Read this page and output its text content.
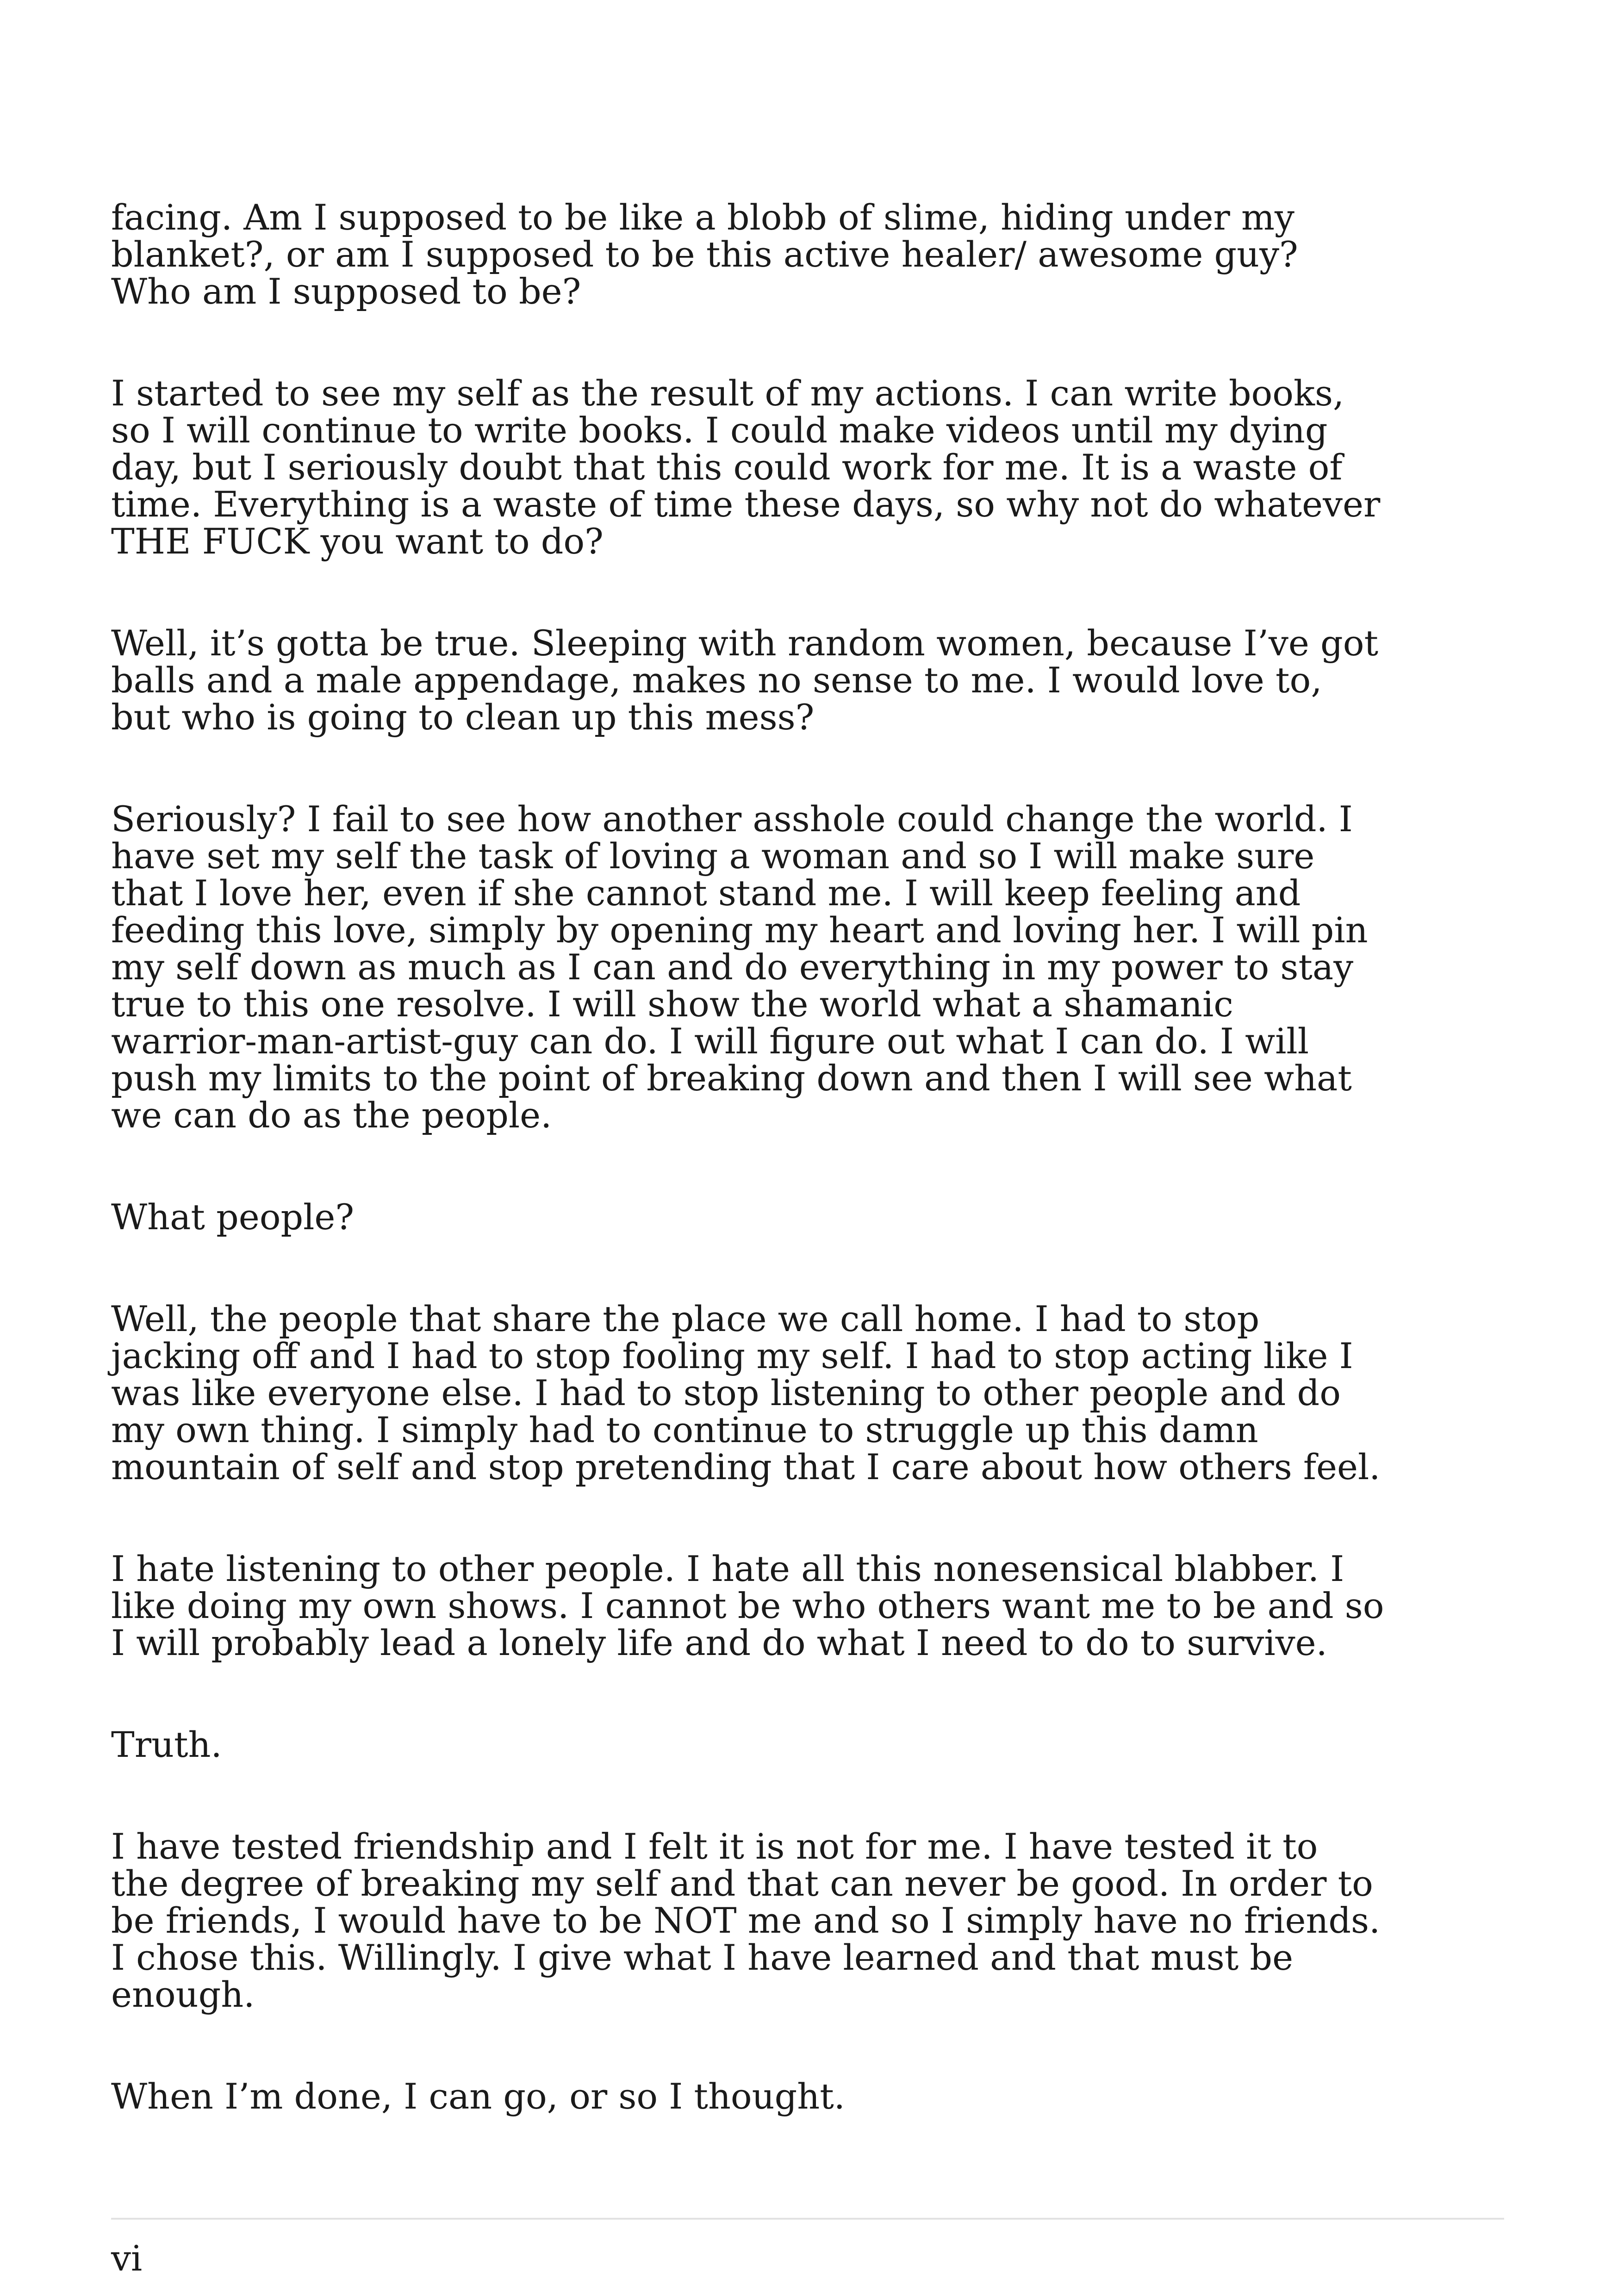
facing. Am I supposed to be like a blobb of slime, hiding under my
blanket?, or am I supposed to be this active healer/ awesome guy?
Who am I supposed to be?

I started to see my self as the result of my actions. I can write books,
so I will continue to write books. I could make videos until my dying
day, but I seriously doubt that this could work for me. It is a waste of
time. Everything is a waste of time these days, so why not do whatever
THE FUCK you want to do?

Well, it’s gotta be true. Sleeping with random women, because I’ve got
balls and a male appendage, makes no sense to me. I would love to,
but who is going to clean up this mess?

Seriously? I fail to see how another asshole could change the world. I
have set my self the task of loving a woman and so I will make sure
that I love her, even if she cannot stand me. I will keep feeling and
feeding this love, simply by opening my heart and loving her. I will pin
my self down as much as I can and do everything in my power to stay
true to this one resolve. I will show the world what a shamanic
warrior-man-artist-guy can do. I will figure out what I can do. I will
push my limits to the point of breaking down and then I will see what
we can do as the people.

What people?

Well, the people that share the place we call home. I had to stop
jacking off and I had to stop fooling my self. I had to stop acting like I
was like everyone else. I had to stop listening to other people and do
my own thing. I simply had to continue to struggle up this damn
mountain of self and stop pretending that I care about how others feel.

I hate listening to other people. I hate all this nonesensical blabber. I
like doing my own shows. I cannot be who others want me to be and so
I will probably lead a lonely life and do what I need to do to survive.

Truth.

I have tested friendship and I felt it is not for me. I have tested it to
the degree of breaking my self and that can never be good. In order to
be friends, I would have to be NOT me and so I simply have no friends.
I chose this. Willingly. I give what I have learned and that must be
enough.

When I’m done, I can go, or so I thought.

vi
